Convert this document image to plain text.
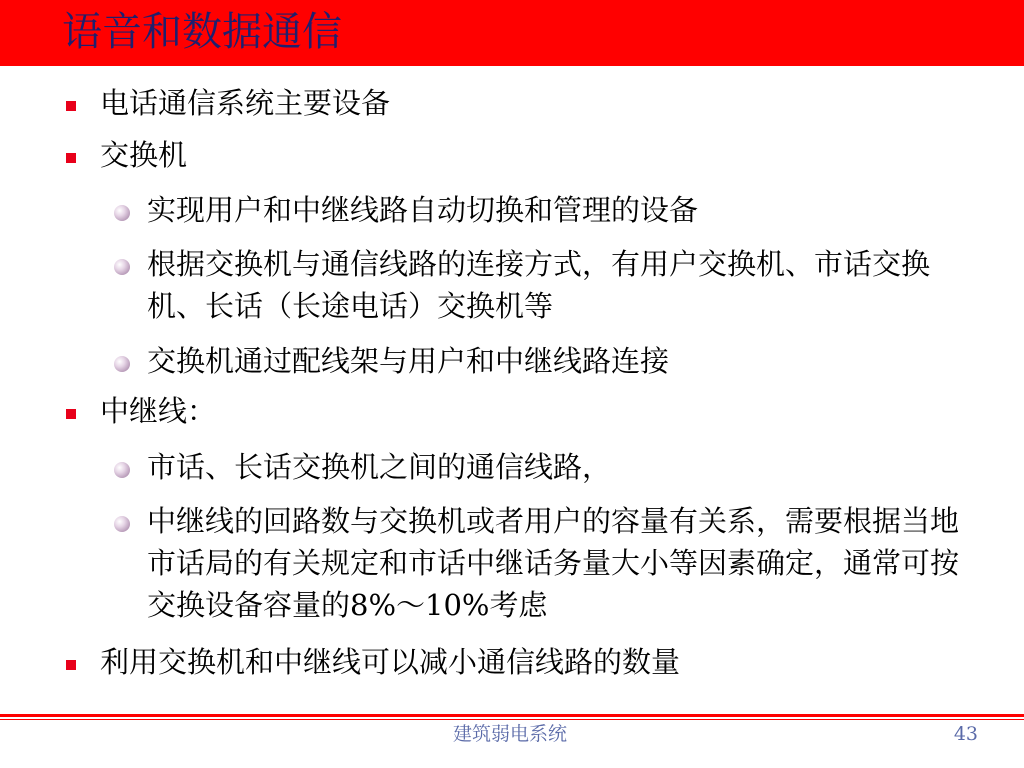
语音和数据通信
电话通信系统主要设备
交换机
实现用户和中继线路自动切换和管理的设备
根据交换机与通信线路的连接方式，有用户交换机、市话交换机、长话（长途电话）交换机等
交换机通过配线架与用户和中继线路连接
中继线：
市话、长话交换机之间的通信线路，
中继线的回路数与交换机或者用户的容量有关系，需要根据当地市话局的有关规定和市话中继话务量大小等因素确定，通常可按交换设备容量的8%～10%考虑
利用交换机和中继线可以减小通信线路的数量
建筑弱电系统	43
